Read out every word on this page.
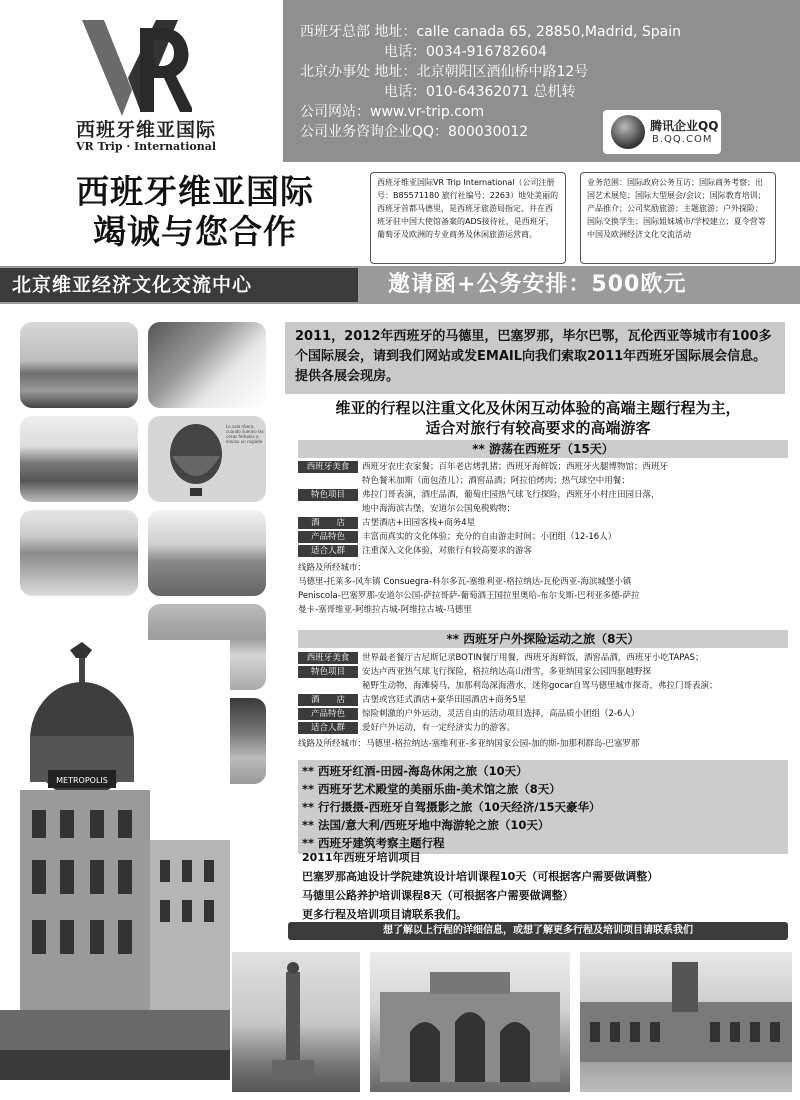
西班牙维亚国际
VR Trip · International
西班牙总部 地址：calle canada 65, 28850,Madrid, Spain
电话：0034-916782604
北京办事处 地址：北京朝阳区酒仙桥中路12号
电话：010-64362071 总机转
公司网站：www.vr-trip.com
公司业务咨询企业QQ：800030012	腾讯企业QQ
B.QQ.COM
西班牙维亚国际
竭诚与您合作
西班牙维亚国际VR Trip International（公司注册号：B85571180 旅行社编号：2263）地处美丽的西班牙首都马德里，是西班牙旅游局指定、并在西班牙驻中国大使馆备案的ADS接待社，是西班牙，葡萄牙及欧洲的专业商务及休闲旅游运营商。
业务范围：国际政府公务互访；国际商务考察；出国艺术展览；国际大型展会/会议；国际教育培训；产品推介；公司奖励旅游；主题旅游；户外探险；国际交换学生；国际姐妹城市/学校建立；夏令营等中国及欧洲经济文化交流活动
北京维亚经济文化交流中心	邀请函+公务安排：500欧元
La cala ribera, cuando ilumino las cosas ferbolas y enviou un rogiado
METROPOLIS
2011，2012年西班牙的马德里，巴塞罗那，毕尔巴鄂，瓦伦西亚等城市有100多个国际展会，请到我们网站或发EMAIL向我们索取2011年西班牙国际展会信息。提供各展会现房。
维亚的行程以注重文化及休闲互动体验的高端主题行程为主，
适合对旅行有较高要求的高端游客
** 游荡在西班牙（15天）
西班牙美食 西班牙农庄农家餐；百年老店烤乳猪；西班牙海鲜饭；西班牙火腿博物馆；西班牙
特色餐米加斯（面包渣儿）；酒窖品酒；阿拉伯烤肉；热气球空中用餐；
特色项目 弗拉门哥表演，酒庄品酒，葡萄庄园热气球飞行探险，西班牙小村庄田园日落，
地中海海滨古堡，安道尔公国免税购物；
酒　　店 古堡酒店+田园客栈+商务4星
产品特色 丰富而真实的文化体验；充分的自由游走时间；小团组（12-16人）
适合人群 注重深入文化体验，对旅行有较高要求的游客
线路及所经城市：
马德里-托莱多-风车镇 Consuegra-科尔多瓦-塞维利亚-格拉纳达-瓦伦西亚-海滨城堡小镇
Peniscola-巴塞罗那-安道尔公国-萨拉哥萨-葡萄酒王国拉里奥哈-布尔戈斯-巴利亚多德-萨拉
曼卡-塞哥维亚-阿维拉古城-阿维拉古城-马德里
** 西班牙户外探险运动之旅（8天）
西班牙美食 世界最老餐厅吉尼斯记录BOTIN餐厅用餐，西班牙海鲜饭，酒窖品酒，西班牙小吃TAPAS；
特色项目 安达卢西亚热气球飞行探险，格拉纳达高山滑雪，多亚纳国家公园四驱越野探
秘野生动物，海滩骑马，加那利岛深海潜水，迷你gocar自驾马德里城市探奇，弗拉门哥表演；
酒　　店 古堡或宫廷式酒店+豪华田园酒店+商务5星
产品特色 惊险刺激的户外运动，灵活自由的活动项目选择，高品质小团组（2-6人）
适合人群 爱好户外运动，有一定经济实力的游客。
线路及所经城市：马德里-格拉纳达-塞维利亚-多亚纳国家公园-加的斯-加那利群岛-巴塞罗那
** 西班牙红酒-田园-海岛休闲之旅（10天）
** 西班牙艺术殿堂的美丽乐曲-美术馆之旅（8天）
** 行行摄摄-西班牙自驾摄影之旅（10天经济/15天豪华）
** 法国/意大利/西班牙地中海游轮之旅（10天）
** 西班牙建筑考察主题行程
2011年西班牙培训项目
巴塞罗那高迪设计学院建筑设计培训课程10天（可根据客户需要做调整）
马德里公路养护培训课程8天（可根据客户需要做调整）
更多行程及培训项目请联系我们。
想了解以上行程的详细信息，或想了解更多行程及培训项目请联系我们
